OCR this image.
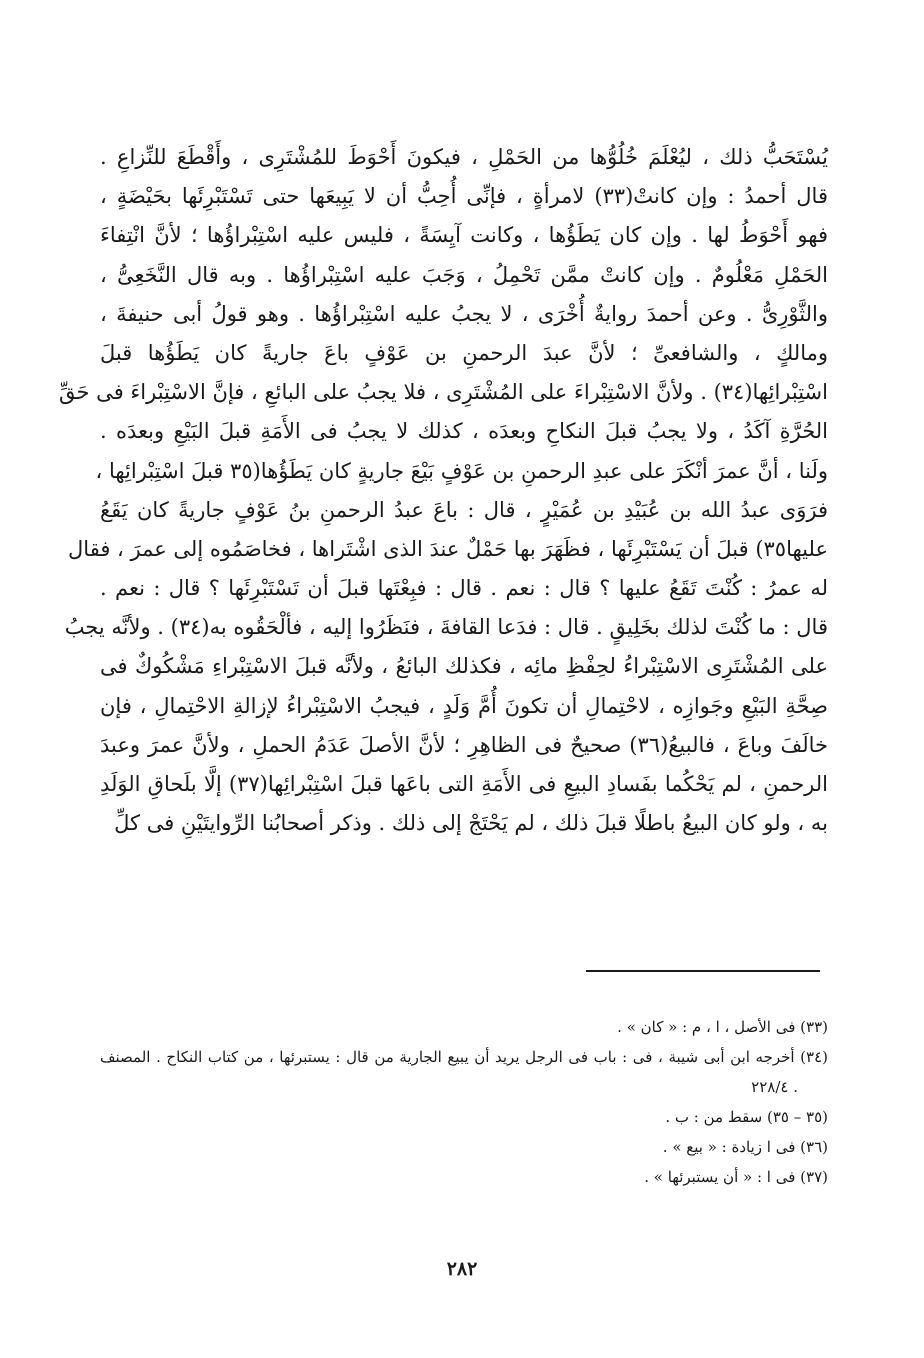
يُسْتَحَبُّ ذلك ، ليُعْلَمَ خُلُوُّها من الحَمْلِ ، فيكونَ أَحْوَطَ للمُشْتَرِى ، وأَقْطَعَ للنِّزاعِ .
قال أحمدُ : وإن كانتْ(٣٣) لامرأةٍ ، فإنِّى أُحِبُّ أن لا يَبِيعَها حتى تَسْتَبْرِئَها بحَيْضَةٍ ،
فهو أَحْوَطُ لها . وإن كان يَطَؤُها ، وكانت آيِسَةً ، فليس عليه اسْتِبْراؤُها ؛ لأنَّ انْتِفاءَ
الحَمْلِ مَعْلُومٌ . وإن كانتْ ممَّن تَحْمِلُ ، وَجَبَ عليه اسْتِبْراؤُها . وبه قال النَّخَعِىُّ ،
والثَّوْرِىُّ . وعن أحمدَ روايةٌ أُخْرَى ، لا يجبُ عليه اسْتِبْراؤُها . وهو قولُ أبى حنيفةَ ،
ومالكٍ ، والشافعىِّ ؛ لأنَّ عبدَ الرحمنِ بن عَوْفٍ باعَ جاريةً كان يَطَؤُها قبلَ
اسْتِبْرائِها(٣٤) . ولأنَّ الاسْتِبْراءَ على المُشْتَرِى ، فلا يجبُ على البائعِ ، فإنَّ الاسْتِبْراءَ فى حَقِّ
الحُرَّةِ آكَدُ ، ولا يجبُ قبلَ النكاحِ وبعدَه ، كذلك لا يجبُ فى الأَمَةِ قبلَ البَيْعِ وبعدَه .
ولَنا ، أنَّ عمرَ أنْكَرَ على عبدِ الرحمنِ بن عَوْفٍ بَيْعَ جاريةٍ كان يَطَؤُها(٣٥ قبلَ اسْتِبْرائِها ،
فرَوَى عبدُ الله بن عُبَيْدِ بن عُمَيْرٍ ، قال : باعَ عبدُ الرحمنِ بنُ عَوْفٍ جاريةً كان يَقَعُ
عليها٣٥) قبلَ أن يَسْتَبْرِئَها ، فظَهَرَ بها حَمْلٌ عندَ الذى اشْتَراها ، فخاصَمُوه إلى عمرَ ، فقال
له عمرُ : كُنْتَ تَقَعُ عليها ؟ قال : نعم . قال : فبِعْتَها قبلَ أن تَسْتَبْرِئَها ؟ قال : نعم .
قال : ما كُنْتَ لذلك بخَلِيقٍ . قال : فدَعا القافةَ ، فنَظَرُوا إليه ، فألْحَقُوه به(٣٤) . ولأنَّه يجبُ
على المُشْتَرِى الاسْتِبْراءُ لحِفْظِ مائِه ، فكذلك البائعُ ، ولأنَّه قبلَ الاسْتِبْراءِ مَشْكُوكٌ فى
صِحَّةِ البَيْعِ وجَوازِه ، لاحْتِمالِ أن تكونَ أُمَّ وَلَدٍ ، فيجبُ الاسْتِبْراءُ لإزالةِ الاحْتِمالِ ، فإن
خالَفَ وباعَ ، فالبيعُ(٣٦) صحيحٌ فى الظاهِرِ ؛ لأنَّ الأصلَ عَدَمُ الحملِ ، ولأنَّ عمرَ وعبدَ
الرحمنِ ، لم يَحْكُما بفَسادِ البيعِ فى الأَمَةِ التى باعَها قبلَ اسْتِبْرائِها(٣٧) إلَّا بلَحاقِ الوَلَدِ
به ، ولو كان البيعُ باطلًا قبلَ ذلك ، لم يَحْتَجْ إلى ذلك . وذكر أصحابُنا الرِّوايتَيْنِ فى كلِّ
(٣٣) فى الأصل ، ا ، م : « كان » .
(٣٤) أخرجه ابن أبى شيبة ، فى : باب فى الرجل يريد أن يبيع الجارية من قال : يستبرئها ، من كتاب النكاح . المصنف
. ٢٢٨/٤
(٣٥ – ٣٥) سقط من : ب .
(٣٦) فى ا زيادة : « بيع » .
(٣٧) فى ا : « أن يستبرئها » .
٢٨٢
